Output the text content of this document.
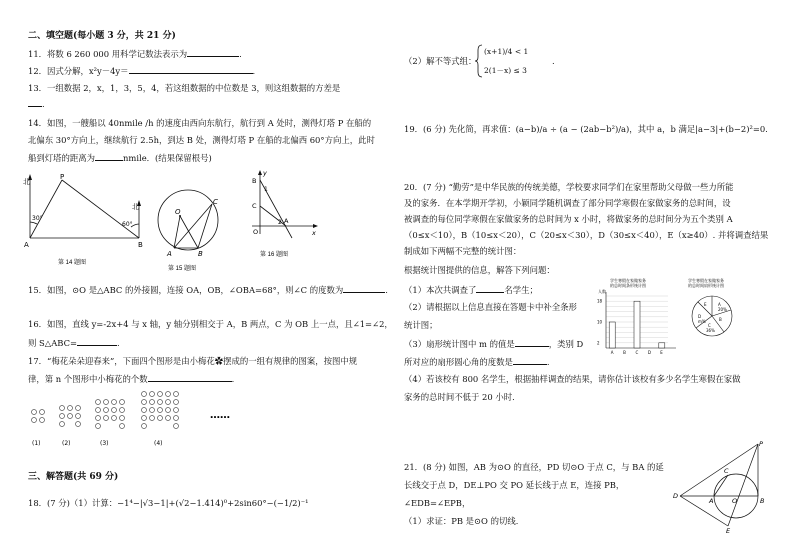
二、填空题(每小题 3 分，共 21 分)
11．将数 6 260 000 用科学记数法表示为	.
12．因式分解，x²y－4y＝	.
13．一组数据 2，x，1，3，5，4，若这组数据的中位数是 3，则这组数据的方差是
.
14．如图，一艘船以 40nmile /h 的速度由西向东航行，航行到 A 处时，测得灯塔 P 在船的
北偏东 30°方向上，继续航行 2.5h，到达 B 处，测得灯塔 P 在船的北偏西 60°方向上，此时
船到灯塔的距离为	nmile．(结果保留根号)
北
北
30°
60°
P
A	B
第 14 题图
O
A	B
C
第 15 题图
y
x
B
C
A
O
1
2
第 16 题图
15．如图，⊙O 是△ABC 的外接圆，连接 OA，OB，∠OBA=68°，则∠C 的度数为	.
16．如图，直线 y=-2x+4 与 x 轴，y 轴分别相交于 A，B 两点，C 为 OB 上一点，且∠1=∠2，
则 S△ABC=	.
17．“梅花朵朵迎春来”，下面四个图形是由小梅花✿摆成的一组有规律的图案，按图中规
律，第 n 个图形中小梅花的个数	.
(1)	(2)	(3)	(4)
……
三、解答题(共 69 分)
18．(7 分)（1）计算：−1⁴−|√3−1|+(√2−1.414)⁰+2sin60°−(−1/2)⁻¹
（2）解不等式组：
(x+1)/4 < 1
2(1－x) ≤ 3
.
19．(6 分) 先化简，再求值：(a−b)/a ÷ (a − (2ab−b²)/a)，其中 a，b 满足|a−3|+(b−2)²=0.
20．(7 分) “勤劳”是中华民族的传统美德，学校要求同学们在家里帮助父母做一些力所能
及的家务．在本学期开学初，小颖同学随机调查了部分同学寒假在家做家务的总时间，设
被调查的每位同学寒假在家做家务的总时间为 x 小时，将做家务的总时间分为五个类别 A
（0≤x＜10），B（10≤x＜20），C（20≤x＜30），D（30≤x＜40），E（x≥40）. 并将调查结果
制成如下两幅不完整的统计图：
根据统计图提供的信息，解答下列问题：
（1）本次共调查了	名学生；
（2）请根据以上信息直接在答题卡中补全条形
统计图；
（3）扇形统计图中 m 的值是	，类别 D
所对应的扇形圆心角的度数是	.
（4）若该校有 800 名学生，根据抽样调查的结果，请你估计该校有多少名学生寒假在家做
家务的总时间不低于 20 小时．
学生寒假在家做家务
的总时间条形统计图
人数
A B C D E
10
18
2
学生寒假在家做家务
的总时间扇形统计图
A
20%
B
C
36%
D
m%
E
21．(8 分) 如图，AB 为⊙O 的直径，PD 切⊙O 于点 C，与 BA 的延
长线交于点 D，DE⊥PO 交 PO 延长线于点 E，连接 PB，
∠EDB=∠EPB，
（1）求证：PB 是⊙O 的切线．
P
D
A	O	B
C
E
